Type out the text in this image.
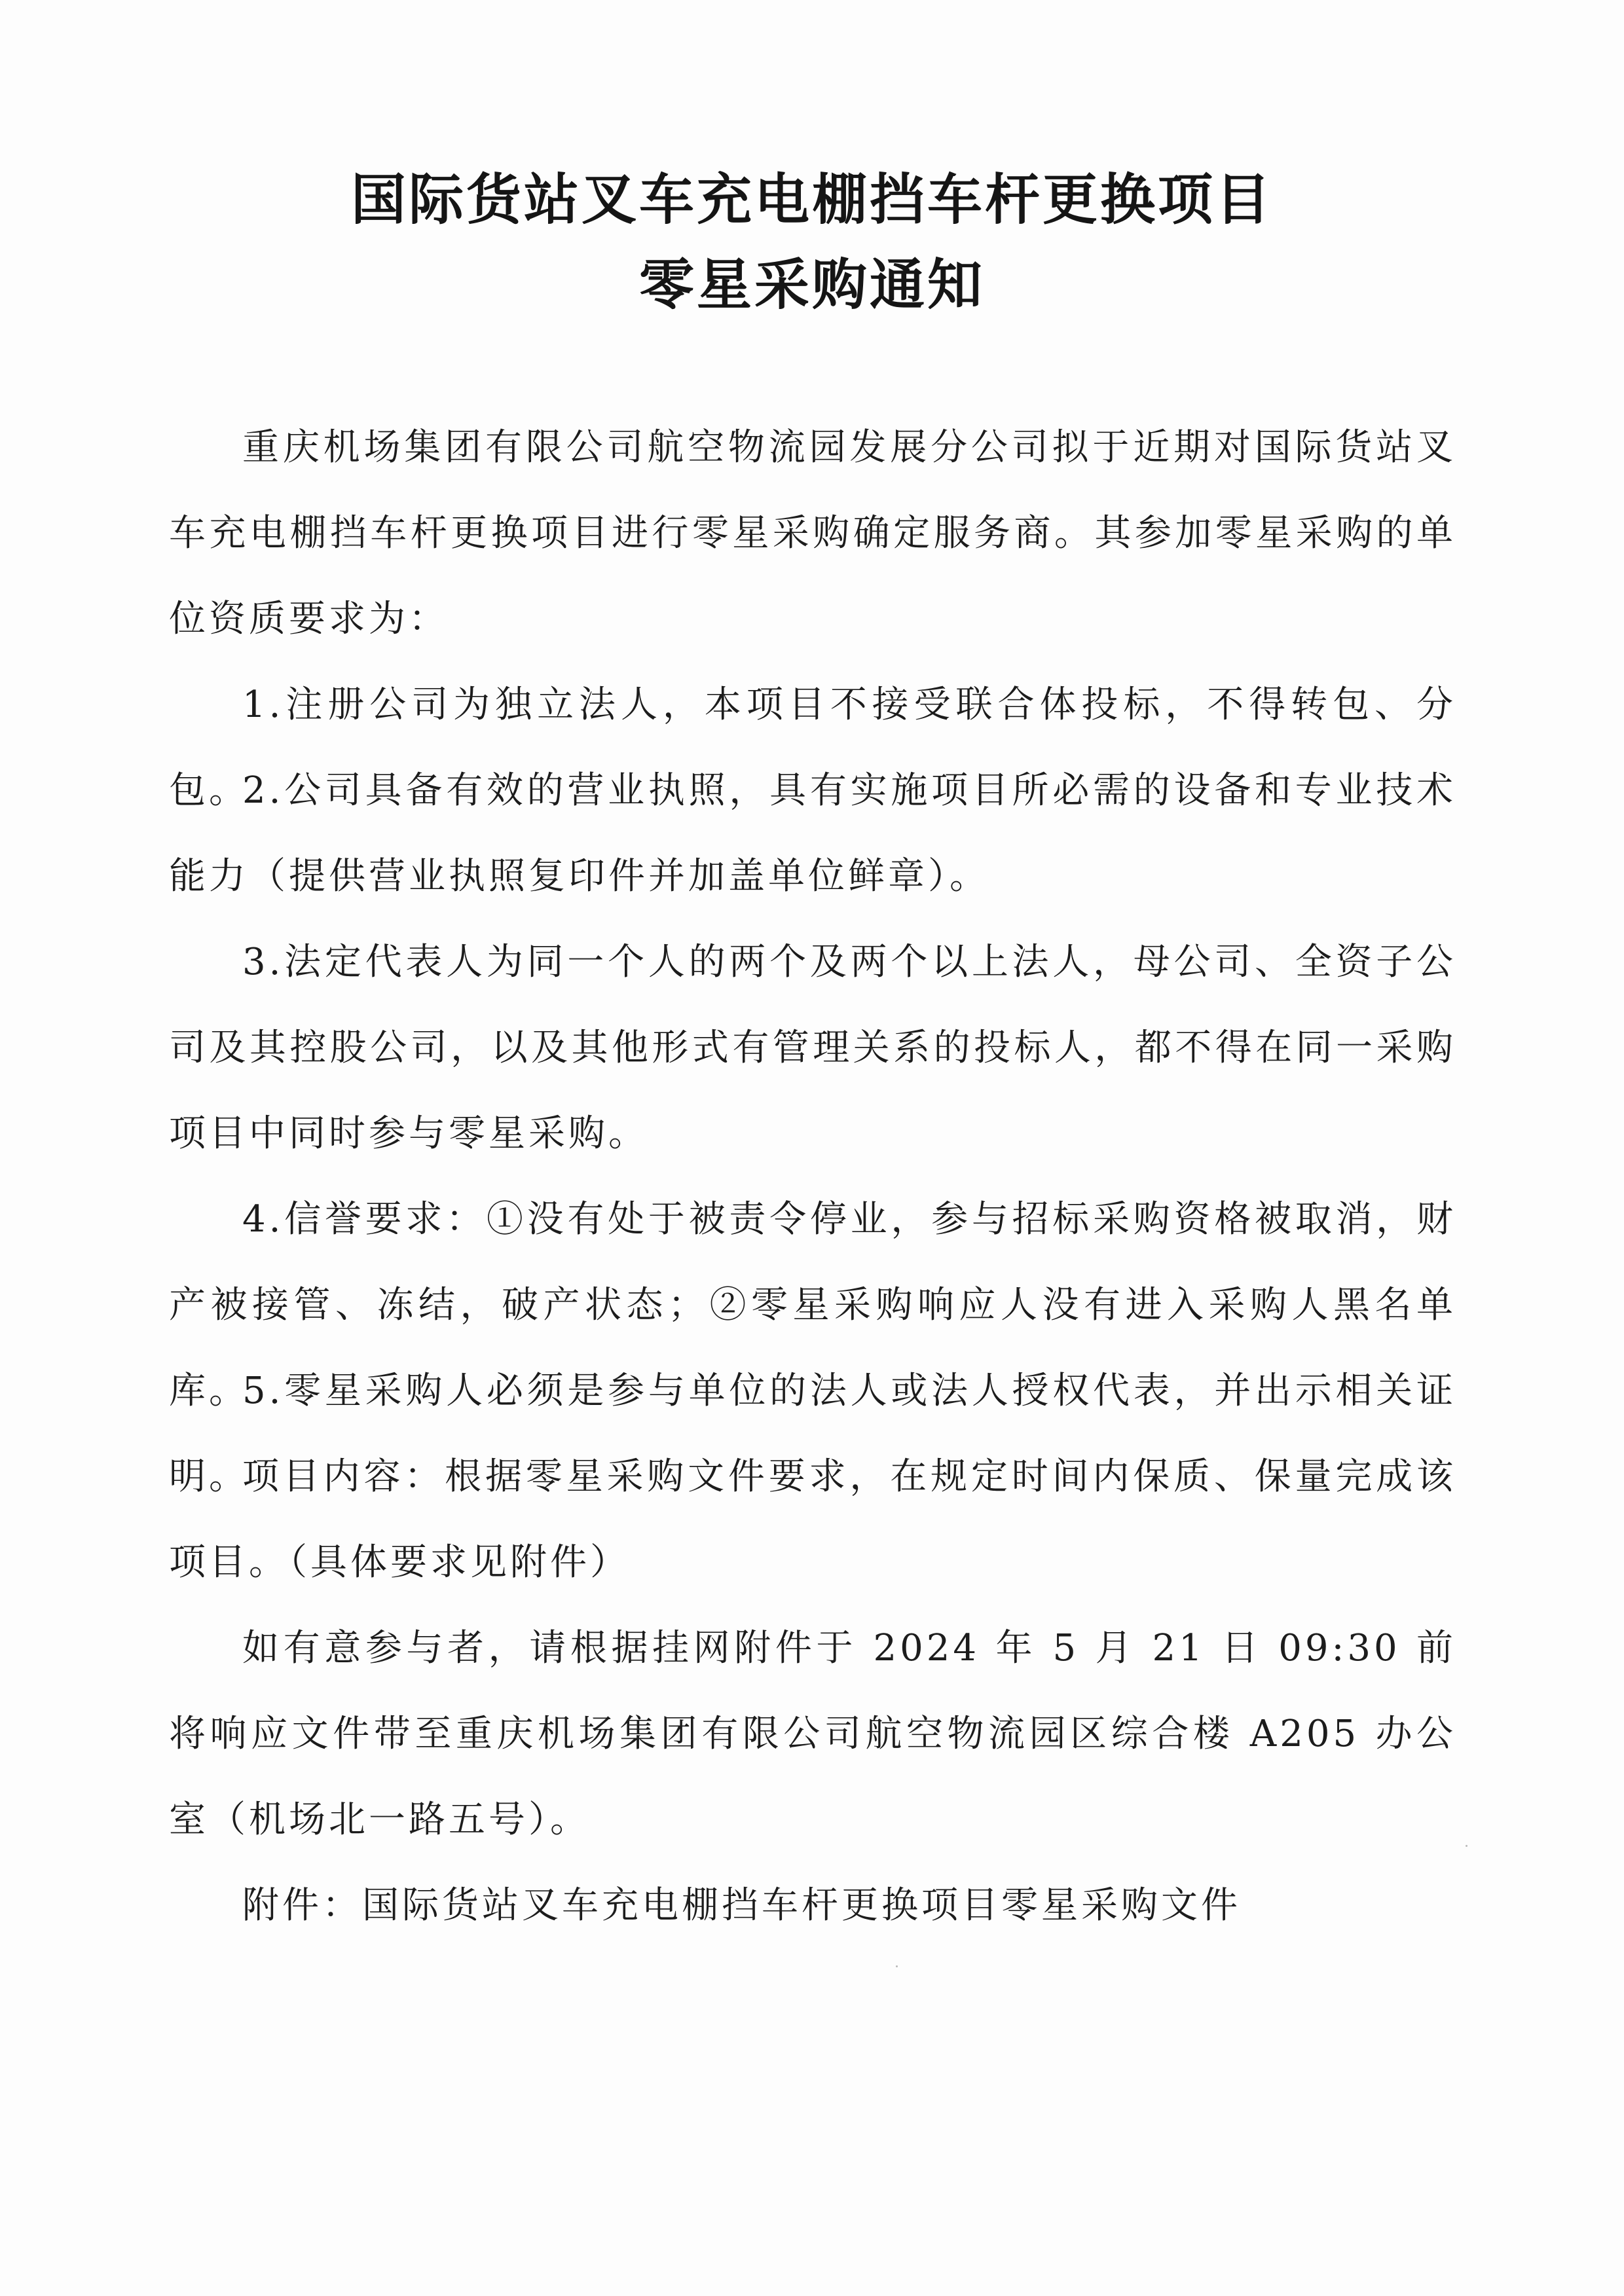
国际货站叉车充电棚挡车杆更换项目
零星采购通知

重庆机场集团有限公司航空物流园发展分公司拟于近期对国际货站叉车充电棚挡车杆更换项目进行零星采购确定服务商。其参加零星采购的单位资质要求为：

1.注册公司为独立法人，本项目不接受联合体投标，不得转包、分包。

2.公司具备有效的营业执照，具有实施项目所必需的设备和专业技术能力（提供营业执照复印件并加盖单位鲜章）。

3.法定代表人为同一个人的两个及两个以上法人，母公司、全资子公司及其控股公司，以及其他形式有管理关系的投标人，都不得在同一采购项目中同时参与零星采购。

4.信誉要求：①没有处于被责令停业，参与招标采购资格被取消，财产被接管、冻结，破产状态；②零星采购响应人没有进入采购人黑名单库。

5.零星采购人必须是参与单位的法人或法人授权代表，并出示相关证明。

项目内容：根据零星采购文件要求，在规定时间内保质、保量完成该项目。（具体要求见附件）

如有意参与者，请根据挂网附件于 2024 年 5 月 21 日 09:30 前将响应文件带至重庆机场集团有限公司航空物流园区综合楼 A205 办公室（机场北一路五号）。

附件：国际货站叉车充电棚挡车杆更换项目零星采购文件
